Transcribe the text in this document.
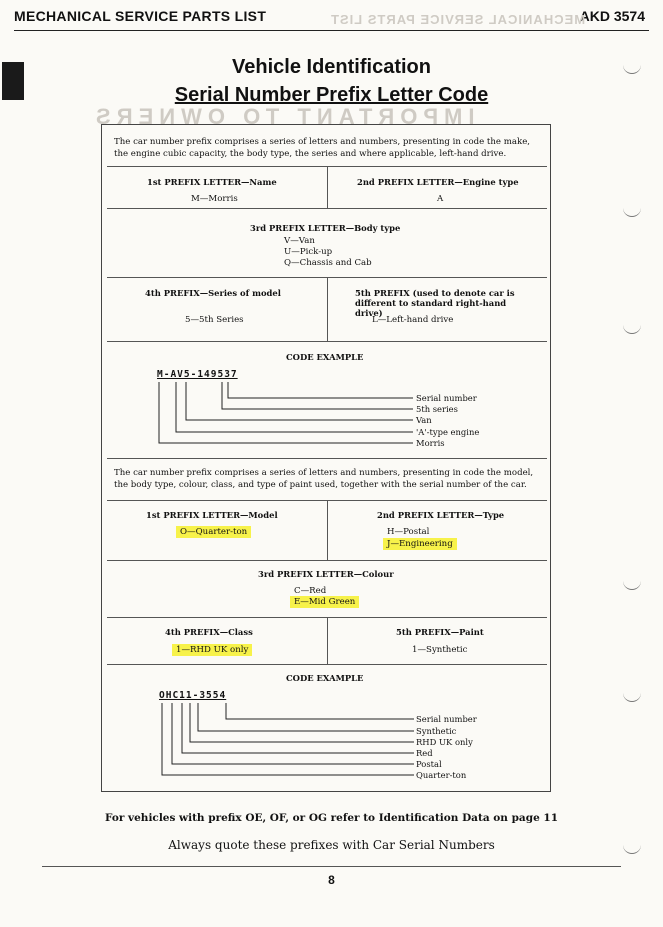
MECHANICAL SERVICE PARTS LIST	AKD 3574
MECHANICAL SERVICE PARTS LIST
IMPORTANT TO OWNERS
Vehicle Identification
Serial Number Prefix Letter Code
The car number prefix comprises a series of letters and numbers, presenting in code the make, the engine cubic capacity, the body type, the series and where applicable, left-hand drive.
1st PREFIX LETTER—Name
M—Morris
2nd PREFIX LETTER—Engine type
A
3rd PREFIX LETTER—Body type
V—Van
U—Pick-up
Q—Chassis and Cab
4th PREFIX—Series of model
5—5th Series
5th PREFIX (used to denote car is different to standard right-hand drive)
L—Left-hand drive
CODE EXAMPLE
M-AV5-149537
Serial number
5th series
Van
'A'-type engine
Morris
The car number prefix comprises a series of letters and numbers, presenting in code the model, the body type, colour, class, and type of paint used, together with the serial number of the car.
1st PREFIX LETTER—Model
O—Quarter-ton
2nd PREFIX LETTER—Type
H—Postal
J—Engineering
3rd PREFIX LETTER—Colour
C—Red
E—Mid Green
4th PREFIX—Class
1—RHD UK only
5th PREFIX—Paint
1—Synthetic
CODE EXAMPLE
OHC11-3554
Serial number
Synthetic
RHD UK only
Red
Postal
Quarter-ton
For vehicles with prefix OE, OF, or OG refer to Identification Data on page 11
Always quote these prefixes with Car Serial Numbers
8
